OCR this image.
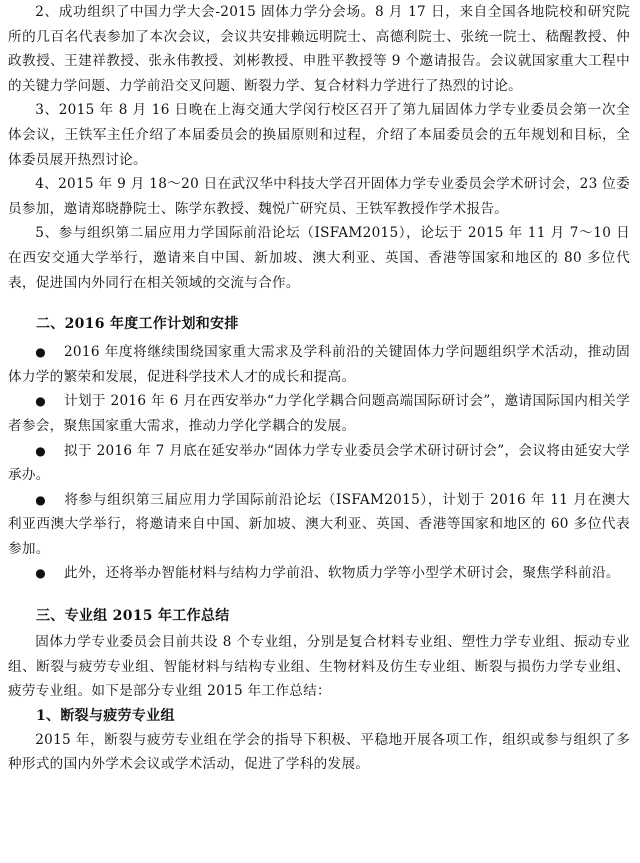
2、成功组织了中国力学大会-2015 固体力学分会场。8 月 17 日，来自全国各地院校和研究院所的几百名代表参加了本次会议，会议共安排赖远明院士、高德利院士、张统一院士、嵇醒教授、仲政教授、王建祥教授、张永伟教授、刘彬教授、申胜平教授等 9 个邀请报告。会议就国家重大工程中的关键力学问题、力学前沿交叉问题、断裂力学、复合材料力学进行了热烈的讨论。

3、2015 年 8 月 16 日晚在上海交通大学闵行校区召开了第九届固体力学专业委员会第一次全体会议，王铁军主任介绍了本届委员会的换届原则和过程，介绍了本届委员会的五年规划和目标，全体委员展开热烈讨论。

4、2015 年 9 月 18～20 日在武汉华中科技大学召开固体力学专业委员会学术研讨会，23 位委员参加，邀请郑晓静院士、陈学东教授、魏悦广研究员、王铁军教授作学术报告。

5、参与组织第二届应用力学国际前沿论坛（ISFAM2015），论坛于 2015 年 11 月 7～10 日在西安交通大学举行，邀请来自中国、新加坡、澳大利亚、英国、香港等国家和地区的 80 多位代表，促进国内外同行在相关领域的交流与合作。

二、2016 年度工作计划和安排

● 2016 年度将继续围绕国家重大需求及学科前沿的关键固体力学问题组织学术活动，推动固体力学的繁荣和发展，促进科学技术人才的成长和提高。

● 计划于 2016 年 6 月在西安举办“力学化学耦合问题高端国际研讨会”，邀请国际国内相关学者参会，聚焦国家重大需求，推动力学化学耦合的发展。

● 拟于 2016 年 7 月底在延安举办“固体力学专业委员会学术研讨研讨会”，会议将由延安大学承办。

● 将参与组织第三届应用力学国际前沿论坛（ISFAM2015），计划于 2016 年 11 月在澳大利亚西澳大学举行，将邀请来自中国、新加坡、澳大利亚、英国、香港等国家和地区的 60 多位代表参加。

● 此外，还将举办智能材料与结构力学前沿、软物质力学等小型学术研讨会，聚焦学科前沿。

三、专业组 2015 年工作总结

固体力学专业委员会目前共设 8 个专业组，分别是复合材料专业组、塑性力学专业组、振动专业组、断裂与疲劳专业组、智能材料与结构专业组、生物材料及仿生专业组、断裂与损伤力学专业组、疲劳专业组。如下是部分专业组 2015 年工作总结：

1、断裂与疲劳专业组

2015 年，断裂与疲劳专业组在学会的指导下积极、平稳地开展各项工作，组织或参与组织了多种形式的国内外学术会议或学术活动，促进了学科的发展。
